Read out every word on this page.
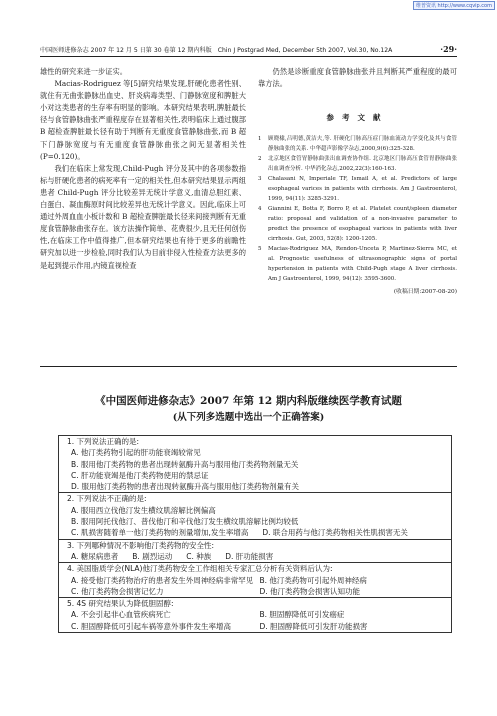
维普资讯 http://www.cqvip.com
中国医师进修杂志 2007 年 12 月 5 日第 30 卷第 12 期内科版　Chin J Postgrad Med, December 5th 2007, Vol.30, No.12A	·29·

雄性的研究来进一步证实。

Macias-Rodriguez 等[5]研究结果发现,肝硬化患者性别、就住有无曲张静脉出血史、肝炎病毒类型、门静脉宽度和脾脏大小对这类患者的生存率有明显的影响。本研究结果表明,脾脏最长径与食管静脉曲张严重程度存在显著相关性,表明临床上通过腹部 B 超检查脾脏最长径有助于判断有无重度食管静脉曲张,而 B 超下门静脉宽度与有无重度食管静脉曲张之间无显著相关性(P=0.120)。

我们在临床上常发现,Child-Pugh 评分及其中的各项参数指标与肝硬化患者的病死率有一定的相关性,但本研究结果显示两组患者 Child-Pugh 评分比较差异无统计学意义,血清总胆红素、白蛋白、凝血酶原时间比较差异也无统计学意义。因此,临床上可通过外周血血小板计数和 B 超检查脾脏最长径来间接判断有无重度食管静脉曲张存在。该方法操作简单、花费很少,且无任何创伤性,在临床工作中值得推广,但本研究结果也有待于更多的前瞻性研究加以进一步检验,同时我们认为目前非侵入性检查方法更多的是起到提示作用,内镜直视检查

仍然是诊断重度食管静脉曲张并且判断其严重程度的最可靠方法。

参考文献
1	顾晓棣,吕明德,黄洁夫,等. 肝硬化门脉高压症门脉血流动力学变化及其与食管静脉曲张的关系. 中华超声影像学杂志,2000,9(6):325-328.
2	北京地区食管胃静脉曲张出血调查协作组. 北京地区门脉高压食管胃静脉曲张出血调查分析. 中华消化杂志,2002,22(3):160-163.
3	Chalasani N, Imperiale TF, Ismail A, et al. Predictors of large esophageal varices in patients with cirrhosis. Am J Gastroenterol, 1999, 94(11): 3285-3291.
4	Giannini E, Botta F, Borro P, et al. Platelet count/spleen diameter ratio: proposal and validation of a non-invasive parameter to predict the presence of esophageal varices in patients with liver cirrhosis. Gut, 2003, 52(8): 1200-1205.
5	Macias-Rodriguez MA, Rendon-Unceta P, Martinez-Sierra MC, et al. Prognostic usefulness of ultrasonographic signs of portal hypertension in patients with Child-Pugh stage A liver cirrhosis. Am J Gastroenterol, 1999, 94(12): 3595-3600.
(收稿日期:2007-08-20)
《中国医师进修杂志》2007 年第 12 期内科版继续医学教育试题
(从下列多选题中选出一个正确答案)
1. 下列说法正确的是:
A. 他汀类药物引起的肝功能衰竭较常见
B. 服用他汀类药物的患者出现转氨酶升高与服用他汀类药物剂量无关
C. 肝功能衰竭是他汀类药物使用的禁忌证
D. 服用他汀类药物的患者出现转氨酶升高与服用他汀类药物剂量有关
2. 下列说法不正确的是:
A. 服用西立伐他汀发生横纹肌溶解比例偏高
B. 服用阿托伐他汀、普伐他汀和辛伐他汀发生横纹肌溶解比例均较低
C. 肌损害随着单一他汀类药物的剂量增加,发生率增高 D. 联合用药与他汀类药物相关性肌损害无关
3. 下列哪种情况不影响他汀类药物的安全性:
A. 糖尿病患者 B. 剧烈运动 C. 种族 D. 肝功能损害
4. 美国脂质学会(NLA)他汀类药物安全工作组相关专家汇总分析有关资料后认为:
A. 接受他汀类药物治疗的患者发生外周神经病非常罕见 B. 他汀类药物可引起外周神经病
C. 他汀类药物会损害记忆力	D. 他汀类药物会损害认知功能
5. 4S 研究结果认为降低胆固醇:
A. 不会引起非心血管疾病死亡	B. 胆固醇降低可引发癌症
C. 胆固醇降低可引起车祸等意外事件发生率增高	D. 胆固醇降低可引发肝功能损害
